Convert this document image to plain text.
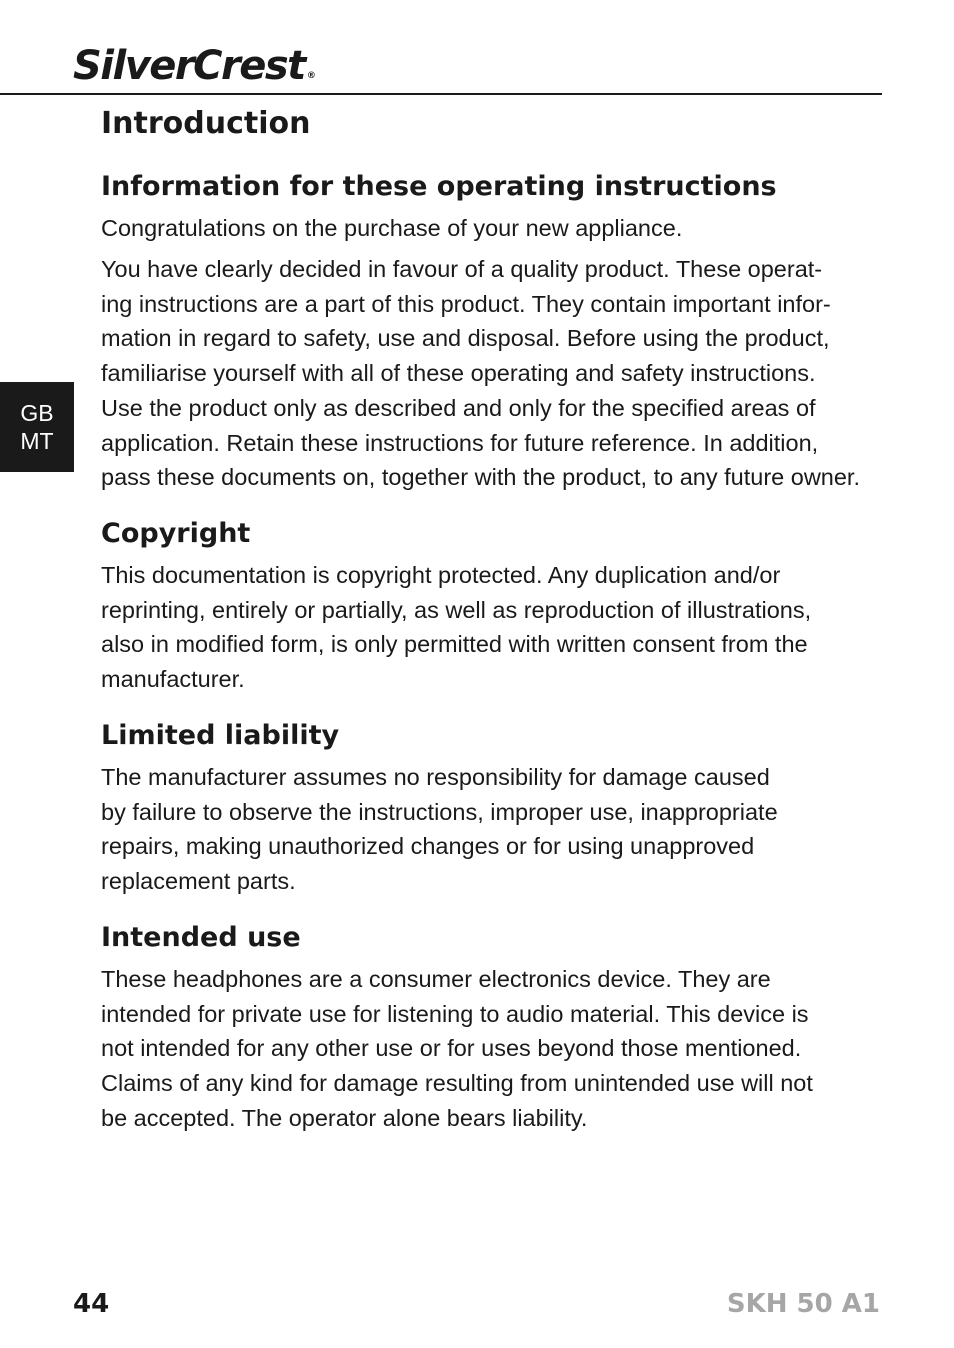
SilverCrest ®
GB
MT
Introduction
Information for these operating instructions

Congratulations on the purchase of your new appliance.

You have clearly decided in favour of a quality product. These operat-
ing instructions are a part of this product. They contain important infor-
mation in regard to safety, use and disposal. Before using the product,
familiarise yourself with all of these operating and safety instructions.
Use the product only as described and only for the specified areas of
application. Retain these instructions for future reference. In addition,
pass these documents on, together with the product, to any future owner.

Copyright

This documentation is copyright protected. Any duplication and/or
reprinting, entirely or partially, as well as reproduction of illustrations,
also in modified form, is only permitted with written consent from the
manufacturer.

Limited liability

The manufacturer assumes no responsibility for damage caused
by failure to observe the instructions, improper use, inappropriate
repairs, making unauthorized changes or for using unapproved
replacement parts.

Intended use

These headphones are a consumer electronics device. They are
intended for private use for listening to audio material. This device is
not intended for any other use or for uses beyond those mentioned.
Claims of any kind for damage resulting from unintended use will not
be accepted. The operator alone bears liability.

44	SKH 50 A1
